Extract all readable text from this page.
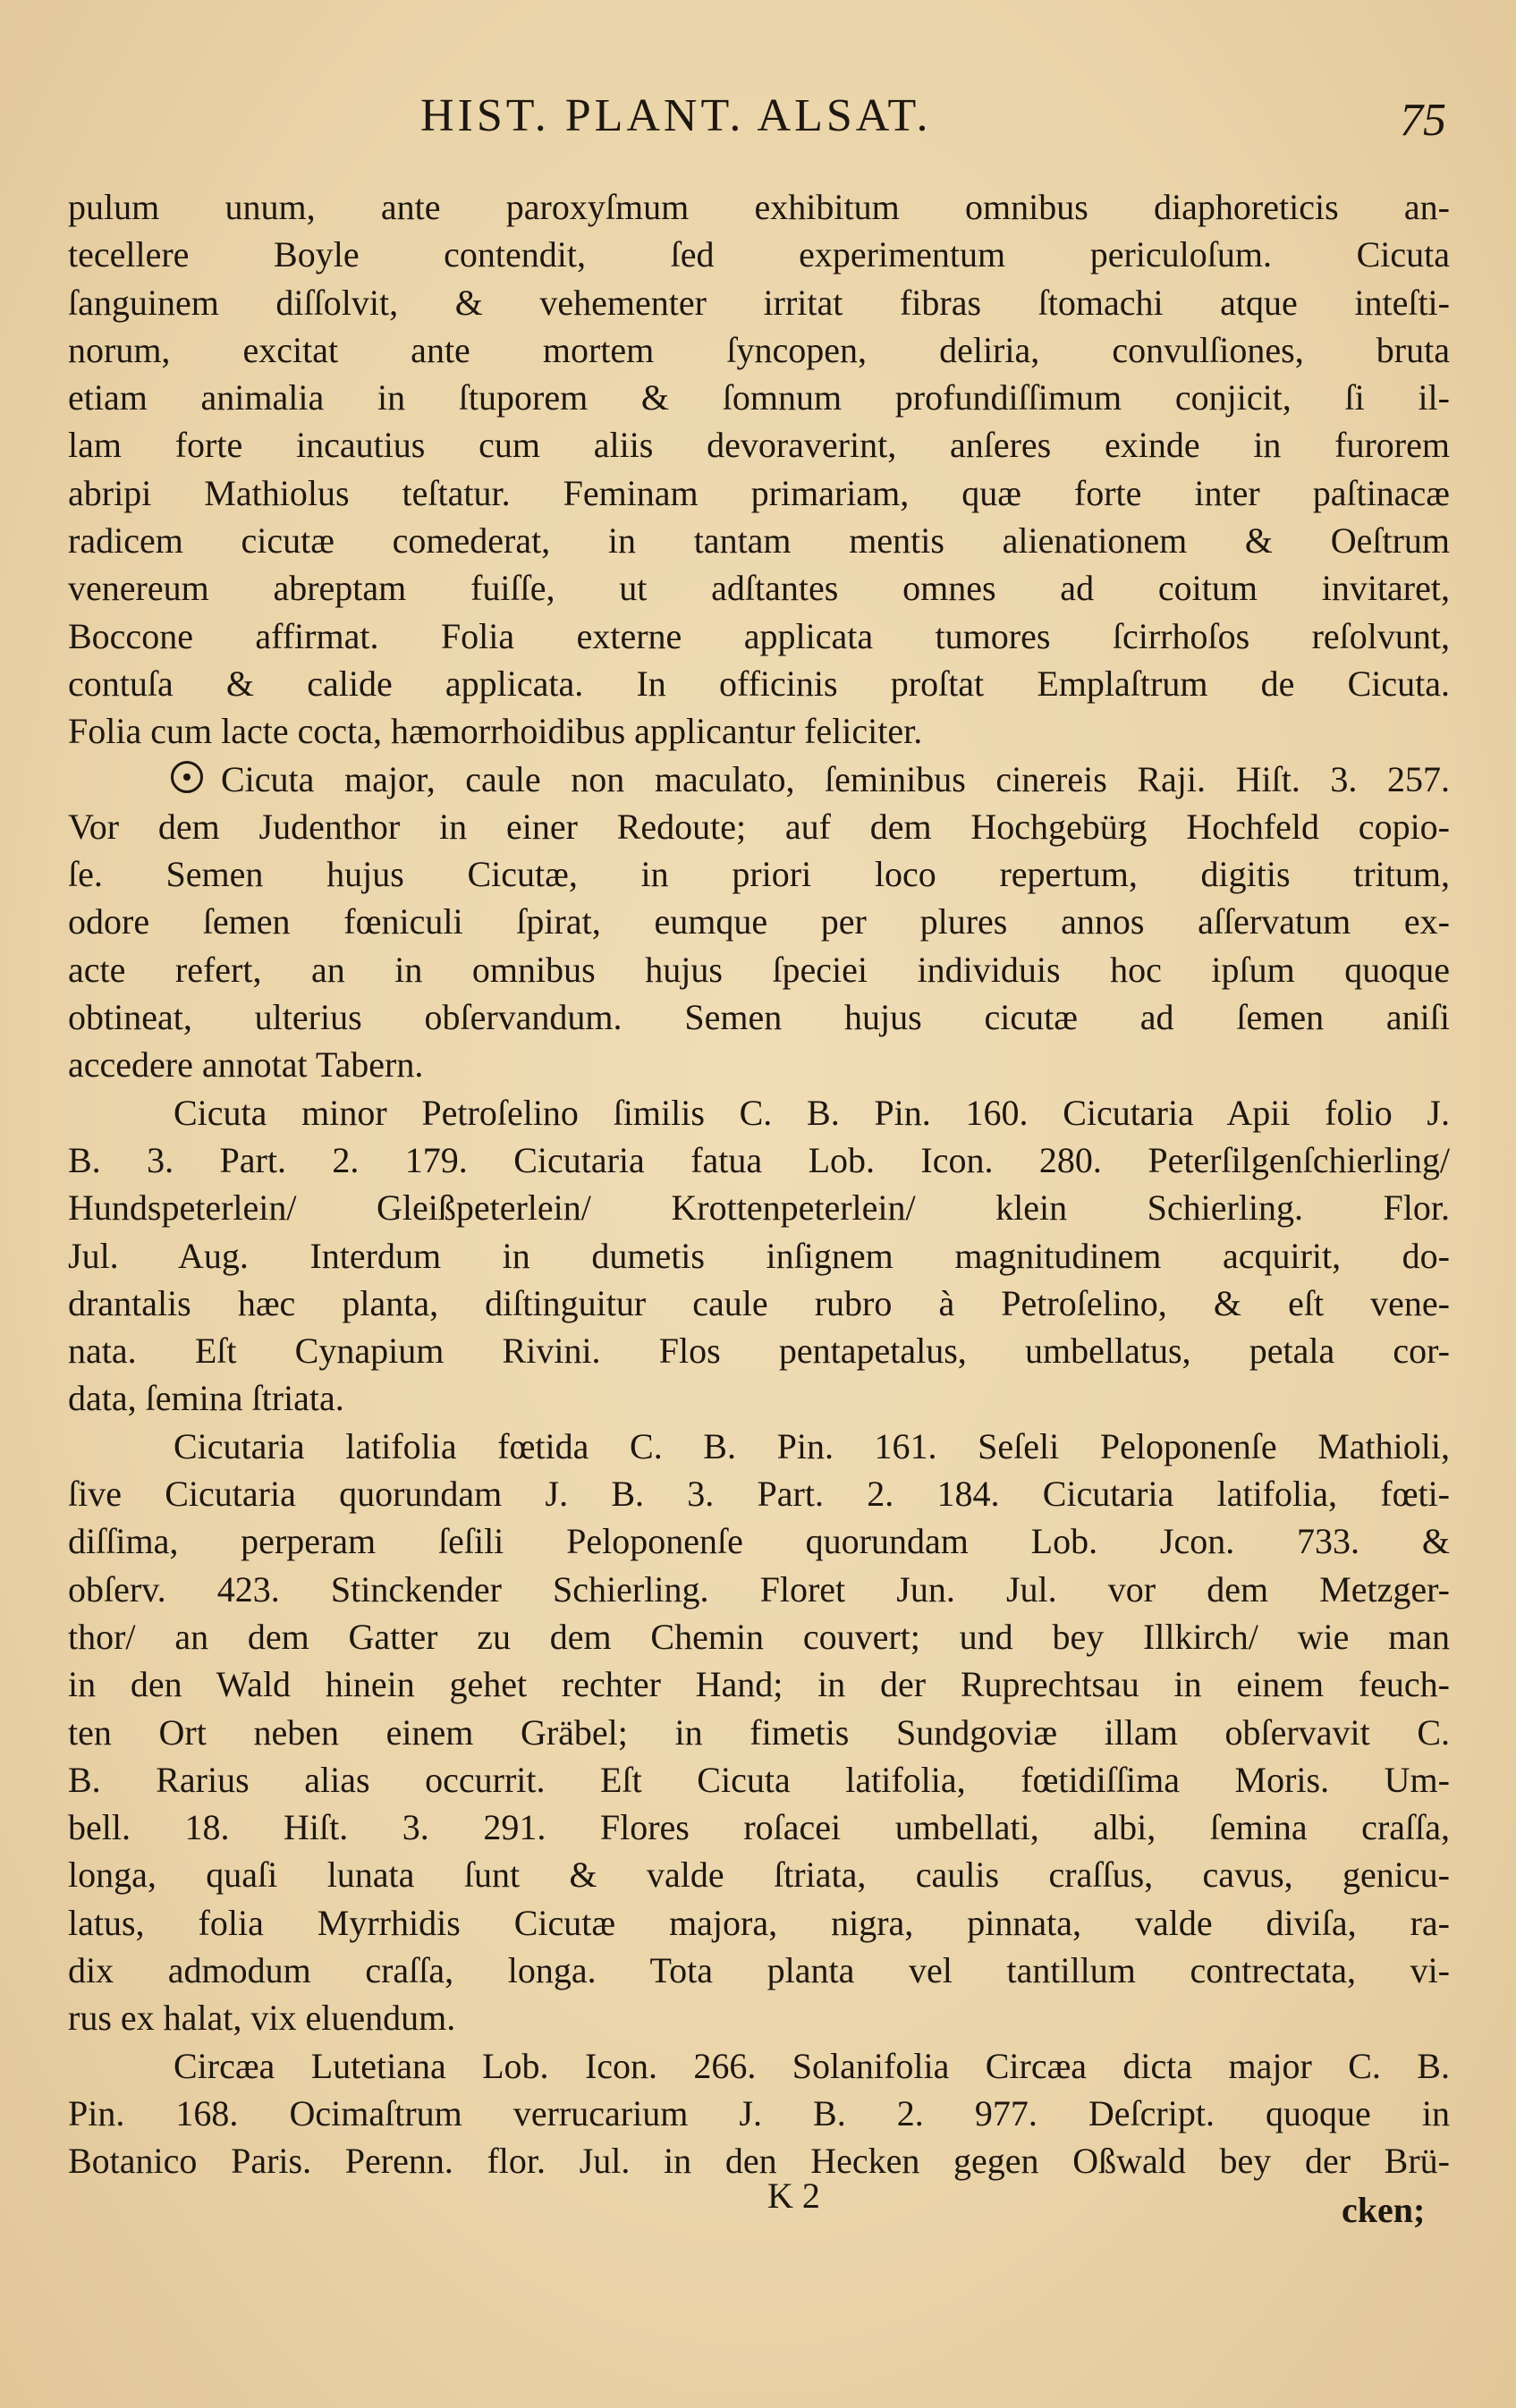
HIST. PLANT. ALSAT.	75
pulum unum, ante paroxyſmum exhibitum omnibus diaphoreticis an-
tecellere Boyle contendit, ſed experimentum periculoſum. Cicuta
ſanguinem diſſolvit, & vehementer irritat fibras ſtomachi atque inteſti-
norum, excitat ante mortem ſyncopen, deliria, convulſiones, bruta
etiam animalia in ſtuporem & ſomnum profundiſſimum conjicit, ſi il-
lam forte incautius cum aliis devoraverint, anſeres exinde in furorem
abripi Mathiolus teſtatur. Feminam primariam, quæ forte inter paſtinacæ
radicem cicutæ comederat, in tantam mentis alienationem & Oeſtrum
venereum abreptam fuiſſe, ut adſtantes omnes ad coitum invitaret,
Boccone affirmat. Folia externe applicata tumores ſcirrhoſos reſolvunt,
contuſa & calide applicata. In officinis proſtat Emplaſtrum de Cicuta.
Folia cum lacte cocta, hæmorrhoidibus applicantur feliciter.
Cicuta major, caule non maculato, ſeminibus cinereis Raji. Hiſt. 3. 257.
Vor dem Judenthor in einer Redoute; auf dem Hochgebürg Hochfeld copio-
ſe. Semen hujus Cicutæ, in priori loco repertum, digitis tritum,
odore ſemen fœniculi ſpirat, eumque per plures annos aſſervatum ex-
acte refert, an in omnibus hujus ſpeciei individuis hoc ipſum quoque
obtineat, ulterius obſervandum. Semen hujus cicutæ ad ſemen aniſi
accedere annotat Tabern.
Cicuta minor Petroſelino ſimilis C. B. Pin. 160. Cicutaria Apii folio J.
B. 3. Part. 2. 179. Cicutaria fatua Lob. Icon. 280. Peterſilgenſchierling/
Hundspeterlein/ Gleißpeterlein/ Krottenpeterlein/ klein Schierling. Flor.
Jul. Aug. Interdum in dumetis inſignem magnitudinem acquirit, do-
drantalis hæc planta, diſtinguitur caule rubro à Petroſelino, & eſt vene-
nata. Eſt Cynapium Rivini. Flos pentapetalus, umbellatus, petala cor-
data, ſemina ſtriata.
Cicutaria latifolia fœtida C. B. Pin. 161. Seſeli Peloponenſe Mathioli,
ſive Cicutaria quorundam J. B. 3. Part. 2. 184. Cicutaria latifolia, fœti-
diſſima, perperam ſeſili Peloponenſe quorundam Lob. Jcon. 733. &
obſerv. 423. Stinckender Schierling. Floret Jun. Jul. vor dem Metzger-
thor/ an dem Gatter zu dem Chemin couvert; und bey Illkirch/ wie man
in den Wald hinein gehet rechter Hand; in der Ruprechtsau in einem feuch-
ten Ort neben einem Gräbel; in fimetis Sundgoviæ illam obſervavit C.
B. Rarius alias occurrit. Eſt Cicuta latifolia, fœtidiſſima Moris. Um-
bell. 18. Hiſt. 3. 291. Flores roſacei umbellati, albi, ſemina craſſa,
longa, quaſi lunata ſunt & valde ſtriata, caulis craſſus, cavus, genicu-
latus, folia Myrrhidis Cicutæ majora, nigra, pinnata, valde diviſa, ra-
dix admodum craſſa, longa. Tota planta vel tantillum contrectata, vi-
rus ex halat, vix eluendum.
Circæa Lutetiana Lob. Icon. 266. Solanifolia Circæa dicta major C. B.
Pin. 168. Ocimaſtrum verrucarium J. B. 2. 977. Deſcript. quoque in
Botanico Paris. Perenn. flor. Jul. in den Hecken gegen Oßwald bey der Brü-
K 2	cken;
